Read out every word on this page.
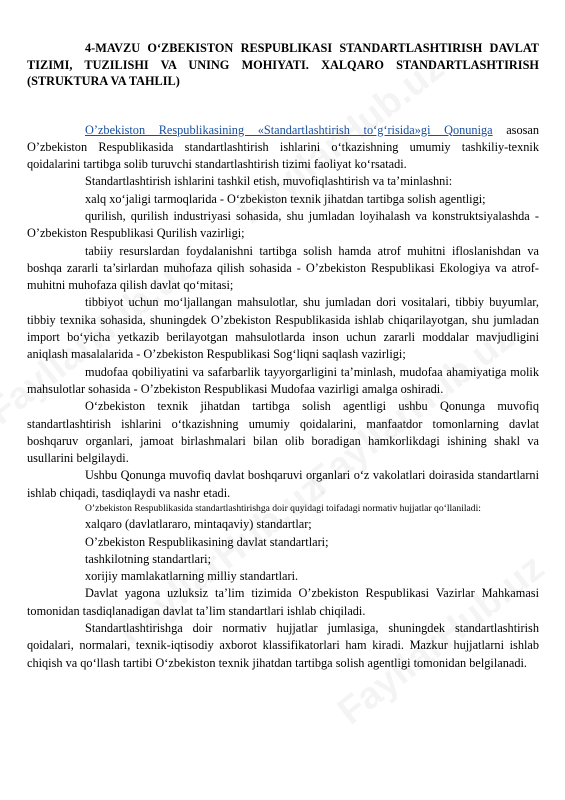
4-MAVZU O‘ZBEKISTON RESPUBLIKASI STANDARTLASHTIRISH DAVLAT TIZIMI, TUZILISHI VA UNING MOHIYATI. XALQARO STANDARTLASHTIRISH (STRUKTURA VA TAHLIL)

O’zbekiston Respublikasining «Standartlashtirish to‘g‘risida»gi Qonuniga asosan O’zbekiston Respublikasida standartlashtirish ishlarini o‘tkazishning umumiy tashkiliy-texnik qoidalarini tartibga solib turuvchi standartlashtirish tizimi faoliyat ko‘rsatadi.

Standartlashtirish ishlarini tashkil etish, muvofiqlashtirish va ta’minlashni:

xalq xo‘jaligi tarmoqlarida - O‘zbekiston texnik jihatdan tartibga solish agentligi;

qurilish, qurilish industriyasi sohasida, shu jumladan loyihalash va konstruktsiyalashda - O’zbekiston Respublikasi Qurilish vazirligi;

tabiiy resurslardan foydalanishni tartibga solish hamda atrof muhitni ifloslanishdan va boshqa zararli ta’sirlardan muhofaza qilish sohasida - O’zbekiston Respublikasi Ekologiya va atrof-muhitni muhofaza qilish davlat qo‘mitasi;

tibbiyot uchun mo‘ljallangan mahsulotlar, shu jumladan dori vositalari, tibbiy buyumlar, tibbiy texnika sohasida, shuningdek O’zbekiston Respublikasida ishlab chiqarilayotgan, shu jumladan import bo‘yicha yetkazib berilayotgan mahsulotlarda inson uchun zararli moddalar mavjudligini aniqlash masalalarida - O’zbekiston Respublikasi Sog‘liqni saqlash vazirligi;

mudofaa qobiliyatini va safarbarlik tayyorgarligini ta’minlash, mudofaa ahamiyatiga molik mahsulotlar sohasida - O’zbekiston Respublikasi Mudofaa vazirligi amalga oshiradi.

O‘zbekiston texnik jihatdan tartibga solish agentligi ushbu Qonunga muvofiq standartlashtirish ishlarini o‘tkazishning umumiy qoidalarini, manfaatdor tomonlarning davlat boshqaruv organlari, jamoat birlashmalari bilan olib boradigan hamkorlikdagi ishining shakl va usullarini belgilaydi.

Ushbu Qonunga muvofiq davlat boshqaruvi organlari o‘z vakolatlari doirasida standartlarni ishlab chiqadi, tasdiqlaydi va nashr etadi.

O’zbekiston Respublikasida standartlashtirishga doir quyidagi toifadagi normativ hujjatlar qo‘llaniladi:

xalqaro (davlatlararo, mintaqaviy) standartlar;

O’zbekiston Respublikasining davlat standartlari;

tashkilotning standartlari;

xorijiy mamlakatlarning milliy standartlari.

Davlat yagona uzluksiz ta’lim tizimida O’zbekiston Respublikasi Vazirlar Mahkamasi tomonidan tasdiqlanadigan davlat ta’lim standartlari ishlab chiqiladi.

Standartlashtirishga doir normativ hujjatlar jumlasiga, shuningdek standartlashtirish qoidalari, normalari, texnik-iqtisodiy axborot klassifikatorlari ham kiradi. Mazkur hujjatlarni ishlab chiqish va qo‘llash tartibi O‘zbekiston texnik jihatdan tartibga solish agentligi tomonidan belgilanadi.
